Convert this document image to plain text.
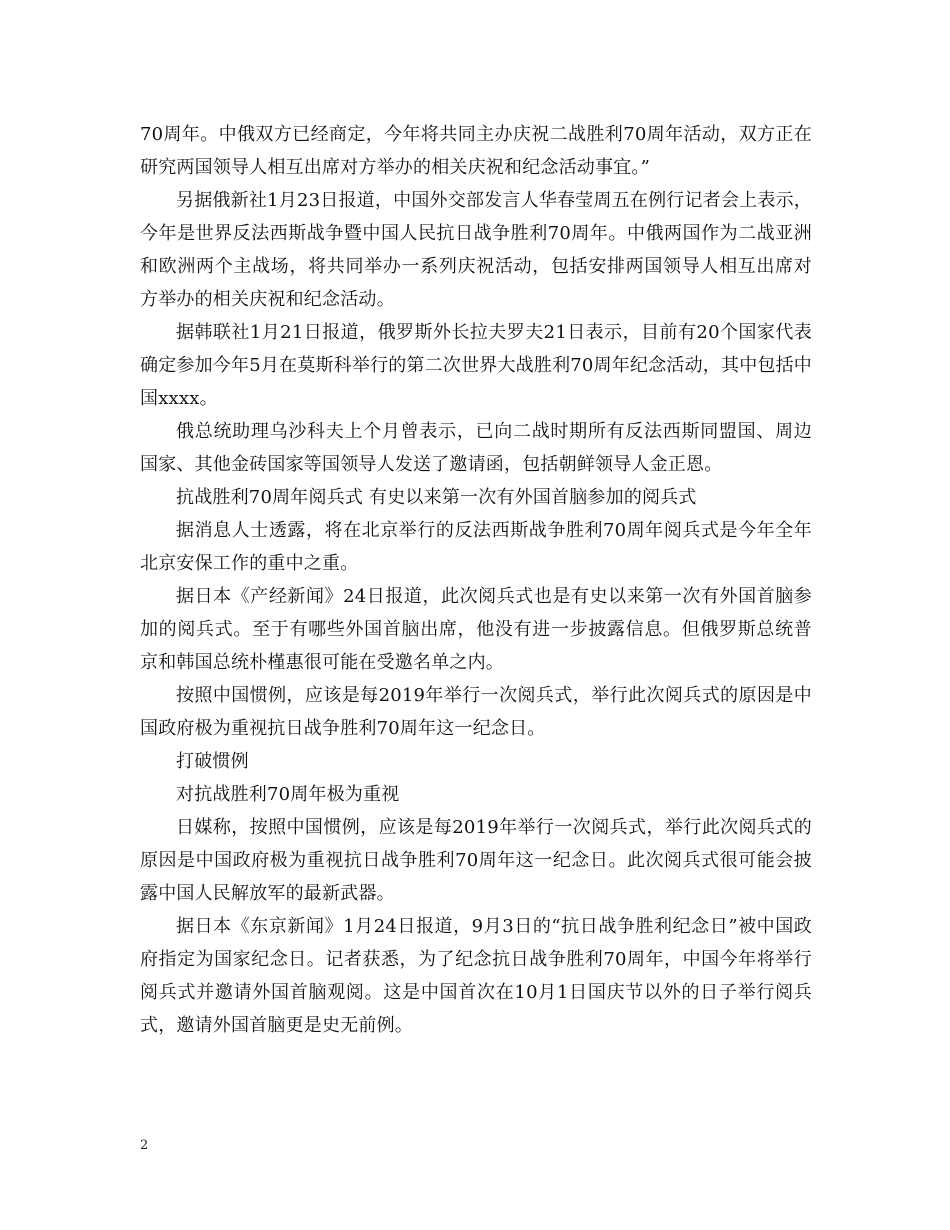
70周年。中俄双方已经商定，今年将共同主办庆祝二战胜利70周年活动，双方正在研究两国领导人相互出席对方举办的相关庆祝和纪念活动事宜。”

另据俄新社1月23日报道，中国外交部发言人华春莹周五在例行记者会上表示，今年是世界反法西斯战争暨中国人民抗日战争胜利70周年。中俄两国作为二战亚洲和欧洲两个主战场，将共同举办一系列庆祝活动，包括安排两国领导人相互出席对方举办的相关庆祝和纪念活动。

据韩联社1月21日报道，俄罗斯外长拉夫罗夫21日表示，目前有20个国家代表确定参加今年5月在莫斯科举行的第二次世界大战胜利70周年纪念活动，其中包括中国xxxx。

俄总统助理乌沙科夫上个月曾表示，已向二战时期所有反法西斯同盟国、周边国家、其他金砖国家等国领导人发送了邀请函，包括朝鲜领导人金正恩。

抗战胜利70周年阅兵式 有史以来第一次有外国首脑参加的阅兵式

据消息人士透露，将在北京举行的反法西斯战争胜利70周年阅兵式是今年全年北京安保工作的重中之重。

据日本《产经新闻》24日报道，此次阅兵式也是有史以来第一次有外国首脑参加的阅兵式。至于有哪些外国首脑出席，他没有进一步披露信息。但俄罗斯总统普京和韩国总统朴槿惠很可能在受邀名单之内。

按照中国惯例，应该是每2019年举行一次阅兵式，举行此次阅兵式的原因是中国政府极为重视抗日战争胜利70周年这一纪念日。

打破惯例

对抗战胜利70周年极为重视

日媒称，按照中国惯例，应该是每2019年举行一次阅兵式，举行此次阅兵式的原因是中国政府极为重视抗日战争胜利70周年这一纪念日。此次阅兵式很可能会披露中国人民解放军的最新武器。

据日本《东京新闻》1月24日报道，9月3日的“抗日战争胜利纪念日”被中国政府指定为国家纪念日。记者获悉，为了纪念抗日战争胜利70周年，中国今年将举行阅兵式并邀请外国首脑观阅。这是中国首次在10月1日国庆节以外的日子举行阅兵式，邀请外国首脑更是史无前例。

2
